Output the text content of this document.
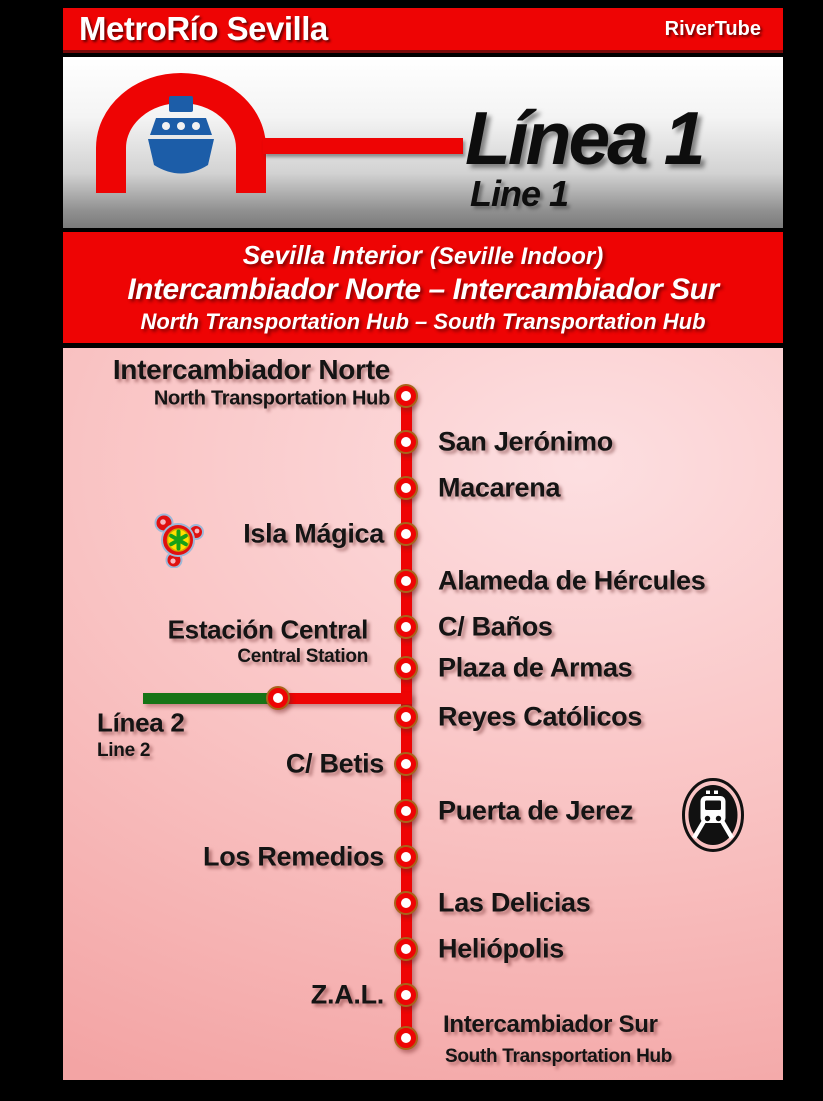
MetroRío Sevilla	RiverTube
Línea 1
Line 1
Sevilla Interior (Seville Indoor)
Intercambiador Norte – Intercambiador Sur
North Transportation Hub – South Transportation Hub
Estación Central
Central Station
Línea 2
Line 2
Intercambiador Norte
North Transportation Hub
San Jerónimo
Macarena
Isla Mágica
Alameda de Hércules
C/ Baños
Plaza de Armas
Reyes Católicos
C/ Betis
Puerta de Jerez
Los Remedios
Las Delicias
Heliópolis
Z.A.L.
Intercambiador Sur
South Transportation Hub
